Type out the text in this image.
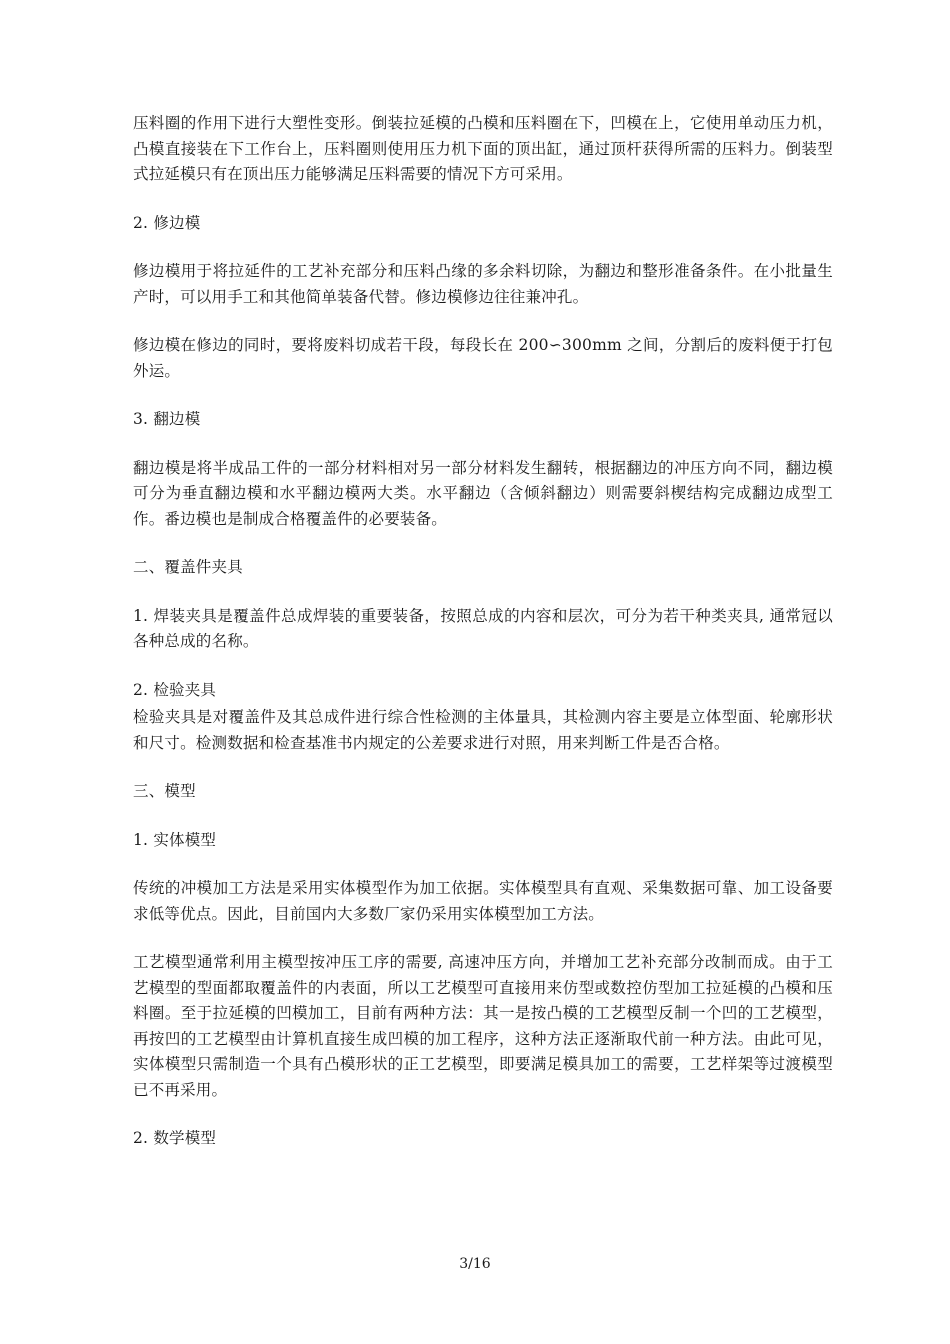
压料圈的作用下进行大塑性变形。倒装拉延模的凸模和压料圈在下，凹模在上，它使用单动压力机，凸模直接装在下工作台上，压料圈则使用压力机下面的顶出缸，通过顶杆获得所需的压料力。倒装型式拉延模只有在顶出压力能够满足压料需要的情况下方可采用。

2. 修边模

修边模用于将拉延件的工艺补充部分和压料凸缘的多余料切除，为翻边和整形准备条件。在小批量生产时，可以用手工和其他简单装备代替。修边模修边往往兼冲孔。

修边模在修边的同时，要将废料切成若干段，每段长在 200∽300mm 之间，分割后的废料便于打包外运。

3. 翻边模

翻边模是将半成品工件的一部分材料相对另一部分材料发生翻转，根据翻边的冲压方向不同，翻边模可分为垂直翻边模和水平翻边模两大类。水平翻边（含倾斜翻边）则需要斜楔结构完成翻边成型工作。番边模也是制成合格覆盖件的必要装备。

二、覆盖件夹具

1. 焊装夹具是覆盖件总成焊装的重要装备，按照总成的内容和层次，可分为若干种类夹具, 通常冠以各种总成的名称。

2. 检验夹具

检验夹具是对覆盖件及其总成件进行综合性检测的主体量具，其检测内容主要是立体型面、轮廓形状和尺寸。检测数据和检查基准书内规定的公差要求进行对照，用来判断工件是否合格。

三、模型

1. 实体模型

传统的冲模加工方法是采用实体模型作为加工依据。实体模型具有直观、采集数据可靠、加工设备要求低等优点。因此，目前国内大多数厂家仍采用实体模型加工方法。

工艺模型通常利用主模型按冲压工序的需要, 高速冲压方向，并增加工艺补充部分改制而成。由于工艺模型的型面都取覆盖件的内表面，所以工艺模型可直接用来仿型或数控仿型加工拉延模的凸模和压料圈。至于拉延模的凹模加工，目前有两种方法：其一是按凸模的工艺模型反制一个凹的工艺模型，再按凹的工艺模型由计算机直接生成凹模的加工程序，这种方法正逐渐取代前一种方法。由此可见，实体模型只需制造一个具有凸模形状的正工艺模型，即要满足模具加工的需要，工艺样架等过渡模型已不再采用。

2. 数学模型

3/16
